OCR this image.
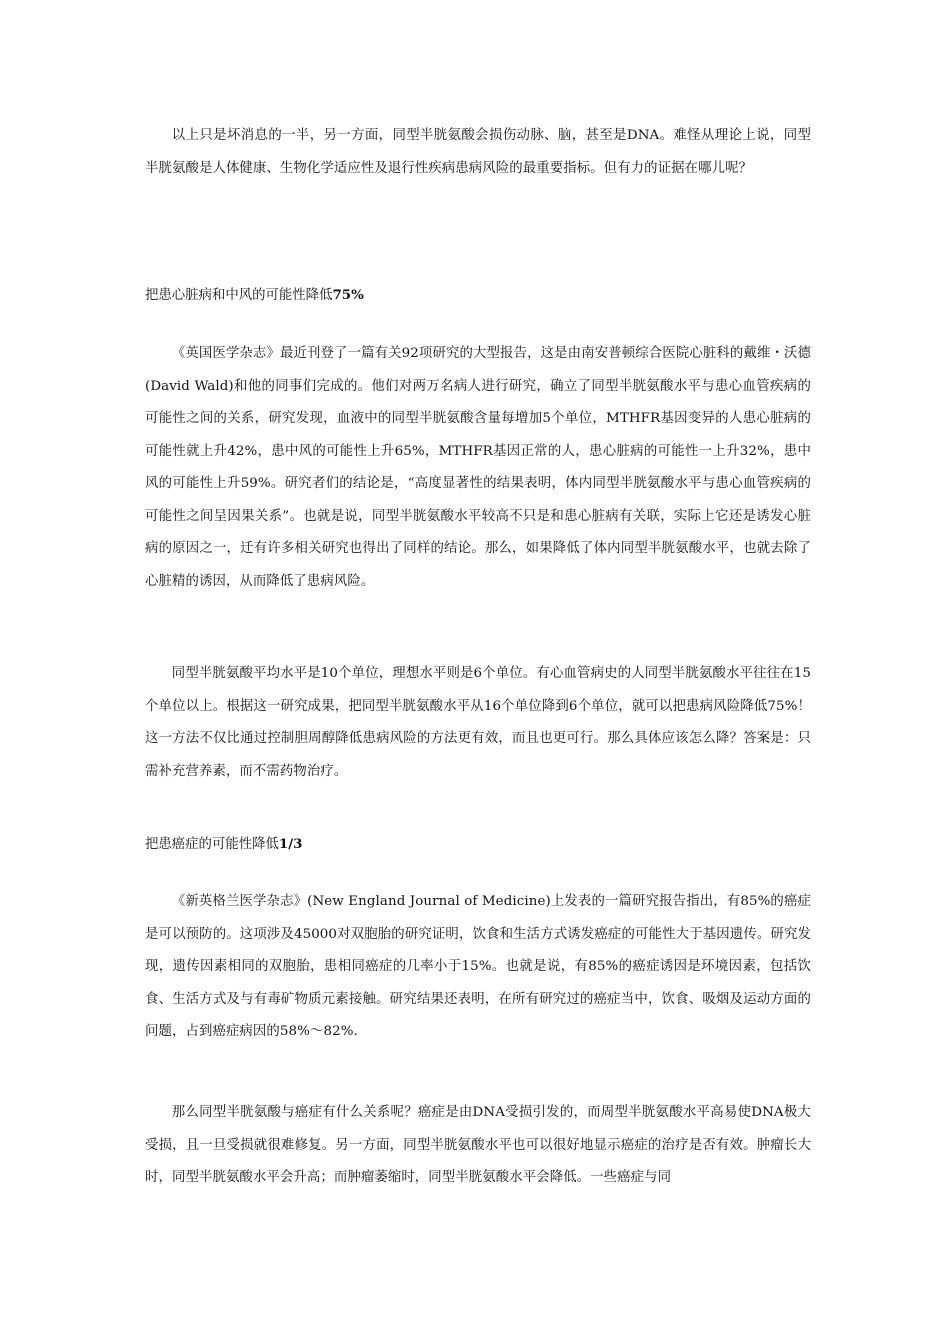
以上只是坏消息的一半，另一方面，同型半胱氨酸会损伤动脉、脑，甚至是DNA。难怪从理论上说，同型半胱氨酸是人体健康、生物化学适应性及退行性疾病患病风险的最重要指标。但有力的证据在哪儿呢？

把患心脏病和中风的可能性降低75%

《英国医学杂志》最近刊登了一篇有关92项研究的大型报告，这是由南安普顿综合医院心脏科的戴维・沃德(David Wald)和他的同事们完成的。他们对两万名病人进行研究，确立了同型半胱氨酸水平与患心血管疾病的可能性之间的关系，研究发现，血液中的同型半胱氨酸含量每增加5个单位，MTHFR基因变异的人患心脏病的可能性就上升42%，患中风的可能性上升65%，MTHFR基因正常的人，患心脏病的可能性一上升32%，患中风的可能性上升59%。研究者们的结论是，“高度显著性的结果表明，体内同型半胱氨酸水平与患心血管疾病的可能性之间呈因果关系”。也就是说，同型半胱氨酸水平较高不只是和患心脏病有关联，实际上它还是诱发心脏病的原因之一，迁有许多相关研究也得出了同样的结论。那么，如果降低了体内同型半胱氨酸水平，也就去除了心脏精的诱因，从而降低了患病风险。

同型半胱氨酸平均水平是10个单位，理想水平则是6个单位。有心血管病史的人同型半胱氨酸水平往往在15个单位以上。根据这一研究成果，把同型半胱氨酸水平从16个单位降到6个单位，就可以把患病风险降低75%！这一方法不仅比通过控制胆周醇降低患病风险的方法更有效，而且也更可行。那么具体应该怎么降？答案是：只需补充营养素，而不需药物治疗。

把患癌症的可能性降低1/3

《新英格兰医学杂志》(New England Journal of Medicine)上发表的一篇研究报告指出，有85%的癌症是可以预防的。这项涉及45000对双胞胎的研究证明，饮食和生活方式诱发癌症的可能性大于基因遗传。研究发现，遗传因素相同的双胞胎，患相同癌症的几率小于15%。也就是说，有85%的癌症诱因是环境因素，包括饮食、生活方式及与有毒矿物质元素接触。研究结果还表明，在所有研究过的癌症当中，饮食、吸烟及运动方面的问题，占到癌症病因的58%～82%.

那么同型半胱氨酸与癌症有什么关系呢？癌症是由DNA受损引发的，而周型半胱氨酸水平高易使DNA极大受损，且一旦受损就很难修复。另一方面，同型半胱氨酸水平也可以很好地显示癌症的治疗是否有效。肿瘤长大时，同型半胱氨酸水平会升高；而肿瘤萎缩时，同型半胱氨酸水平会降低。一些癌症与同
